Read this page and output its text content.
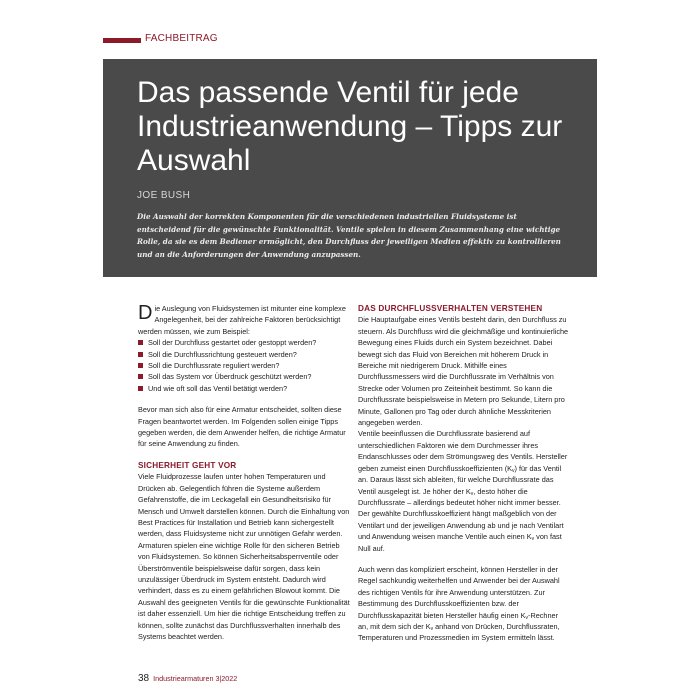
FACHBEITRAG
Das passende Ventil für jede Industrieanwendung – Tipps zur Auswahl
JOE BUSH

Die Auswahl der korrekten Komponenten für die verschiedenen industriellen Fluidsysteme ist entscheidend für die gewünschte Funktionalität. Ventile spielen in diesem Zusammenhang eine wichtige Rolle, da sie es dem Bediener ermöglicht, den Durchfluss der jeweiligen Medien effektiv zu kontrollieren und an die Anforderungen der Anwendung anzupassen.

Die Auslegung von Fluidsystemen ist mitunter eine komplexe Angelegenheit, bei der zahlreiche Faktoren berücksichtigt werden müssen, wie zum Beispiel:

Soll der Durchfluss gestartet oder gestoppt werden?
Soll die Durchflussrichtung gesteuert werden?
Soll die Durchflussrate reguliert werden?
Soll das System vor Überdruck geschützt werden?
Und wie oft soll das Ventil betätigt werden?

Bevor man sich also für eine Armatur entscheidet, sollten diese Fragen beantwortet werden. Im Folgenden sollen einige Tipps gegeben werden, die dem Anwender helfen, die richtige Armatur für seine Anwendung zu finden.

SICHERHEIT GEHT VOR

Viele Fluidprozesse laufen unter hohen Temperaturen und Drücken ab. Gelegentlich führen die Systeme außerdem Gefahrenstoffe, die im Leckagefall ein Gesundheitsrisiko für Mensch und Umwelt darstellen können. Durch die Einhaltung von Best Practices für Installation und Betrieb kann sichergestellt werden, dass Fluidsysteme nicht zur unnötigen Gefahr werden.

Armaturen spielen eine wichtige Rolle für den sicheren Betrieb von Fluidsystemen. So können Sicherheitsabsperrventile oder Überströmventile beispielsweise dafür sorgen, dass kein unzulässiger Überdruck im System entsteht. Dadurch wird verhindert, dass es zu einem gefährlichen Blowout kommt. Die Auswahl des geeigneten Ventils für die gewünschte Funktionalität ist daher essenziell. Um hier die richtige Entscheidung treffen zu können, sollte zunächst das Durchflussverhalten innerhalb des Systems beachtet werden.

DAS DURCHFLUSSVERHALTEN VERSTEHEN

Die Hauptaufgabe eines Ventils besteht darin, den Durchfluss zu steuern. Als Durchfluss wird die gleichmäßige und kontinuierliche Bewegung eines Fluids durch ein System bezeichnet. Dabei bewegt sich das Fluid von Bereichen mit höherem Druck in Bereiche mit niedrigerem Druck. Mithilfe eines Durchflussmessers wird die Durchflussrate im Verhältnis von Strecke oder Volumen pro Zeiteinheit bestimmt. So kann die Durchflussrate beispielsweise in Metern pro Sekunde, Litern pro Minute, Gallonen pro Tag oder durch ähnliche Messkriterien angegeben werden.

Ventile beeinflussen die Durchflussrate basierend auf unterschiedlichen Faktoren wie dem Durchmesser ihres Endanschlusses oder dem Strömungsweg des Ventils. Hersteller geben zumeist einen Durchflusskoeffizienten $(K_v)$ für das Ventil an. Daraus lässt sich ableiten, für welche Durchflussrate das Ventil ausgelegt ist. Je höher der $K_v$, desto höher die Durchflussrate – allerdings bedeutet höher nicht immer besser. Der gewählte Durchflusskoeffizient hängt maßgeblich von der Ventilart und der jeweiligen Anwendung ab und je nach Ventilart und Anwendung weisen manche Ventile auch einen $K_v$ von fast Null auf.

Auch wenn das kompliziert erscheint, können Hersteller in der Regel sachkundig weiterhelfen und Anwender bei der Auswahl des richtigen Ventils für ihre Anwendung unterstützen. Zur Bestimmung des Durchflusskoeffizienten bzw. der Durchflusskapazität bieten Hersteller häufig einen $K_v$-Rechner an, mit dem sich der $K_v$ anhand von Drücken, Durchflussraten, Temperaturen und Prozessmedien im System ermitteln lässt.

38 Industriearmaturen 3|2022
